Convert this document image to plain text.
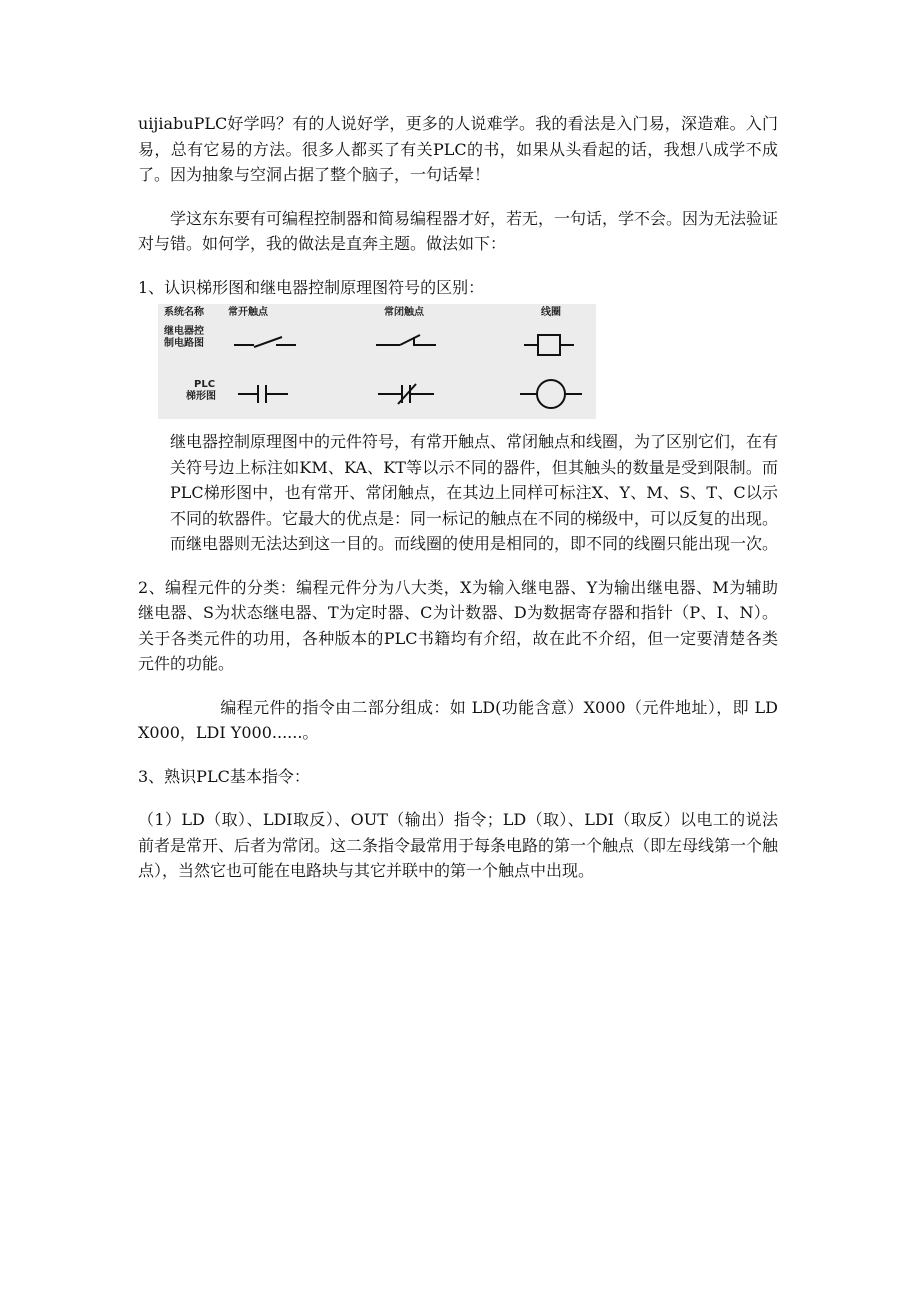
uijiabuPLC好学吗？有的人说好学，更多的人说难学。我的看法是入门易，深造难。入门易，总有它易的方法。很多人都买了有关PLC的书，如果从头看起的话，我想八成学不成了。因为抽象与空洞占据了整个脑子，一句话晕！

学这东东要有可编程控制器和简易编程器才好，若无，一句话，学不会。因为无法验证对与错。如何学，我的做法是直奔主题。做法如下：

1、认识梯形图和继电器控制原理图符号的区别：

系统名称 常开触点	常闭触点	线圈
继电器控
制电路图
PLC
梯形图

继电器控制原理图中的元件符号，有常开触点、常闭触点和线圈，为了区别它们，在有关符号边上标注如KM、KA、KT等以示不同的器件，但其触头的数量是受到限制。而PLC梯形图中，也有常开、常闭触点，在其边上同样可标注X、Y、M、S、T、C以示不同的软器件。它最大的优点是：同一标记的触点在不同的梯级中，可以反复的出现。而继电器则无法达到这一目的。而线圈的使用是相同的，即不同的线圈只能出现一次。

2、编程元件的分类：编程元件分为八大类，X为输入继电器、Y为输出继电器、M为辅助继电器、S为状态继电器、T为定时器、C为计数器、D为数据寄存器和指针（P、I、N）。关于各类元件的功用，各种版本的PLC书籍均有介绍，故在此不介绍，但一定要清楚各类元件的功能。

编程元件的指令由二部分组成：如 LD(功能含意）X000（元件地址），即 LD X000，LDI Y000......。

3、熟识PLC基本指令：

（1）LD（取）、LDI取反）、OUT（输出）指令；LD（取）、LDI（取反）以电工的说法前者是常开、后者为常闭。这二条指令最常用于每条电路的第一个触点（即左母线第一个触点），当然它也可能在电路块与其它并联中的第一个触点中出现。
